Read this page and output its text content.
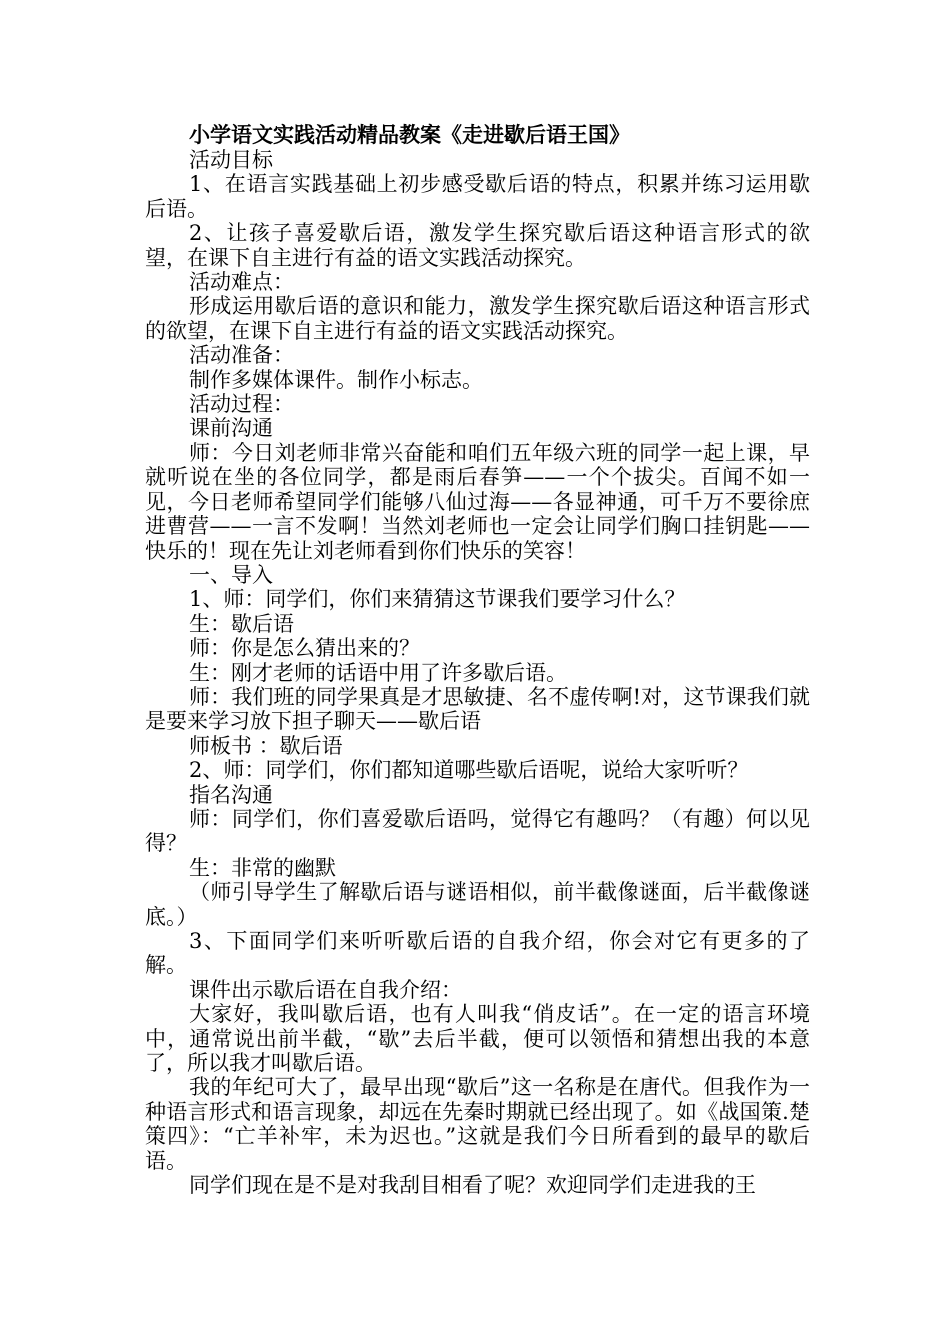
小学语文实践活动精品教案《走进歇后语王国》

活动目标

1、在语言实践基础上初步感受歇后语的特点，积累并练习运用歇后语。

2、让孩子喜爱歇后语，激发学生探究歇后语这种语言形式的欲望，在课下自主进行有益的语文实践活动探究。

活动难点：

形成运用歇后语的意识和能力，激发学生探究歇后语这种语言形式的欲望，在课下自主进行有益的语文实践活动探究。

活动准备：

制作多媒体课件。制作小标志。

活动过程：

课前沟通

师：今日刘老师非常兴奋能和咱们五年级六班的同学一起上课，早就听说在坐的各位同学，都是雨后春笋——一个个拔尖。百闻不如一见，今日老师希望同学们能够八仙过海——各显神通，可千万不要徐庶进曹营——一言不发啊！当然刘老师也一定会让同学们胸口挂钥匙——快乐的！现在先让刘老师看到你们快乐的笑容！

一、导入

1、师：同学们，你们来猜猜这节课我们要学习什么？

生：歇后语

师：你是怎么猜出来的？

生：刚才老师的话语中用了许多歇后语。

师：我们班的同学果真是才思敏捷、名不虚传啊!对，这节课我们就是要来学习放下担子聊天——歇后语

师板书 ：歇后语

2、师：同学们，你们都知道哪些歇后语呢，说给大家听听？

指名沟通

师：同学们，你们喜爱歇后语吗，觉得它有趣吗？（有趣）何以见得？

生：非常的幽默

（师引导学生了解歇后语与谜语相似，前半截像谜面，后半截像谜底。）

3、下面同学们来听听歇后语的自我介绍，你会对它有更多的了解。

课件出示歇后语在自我介绍：

大家好，我叫歇后语，也有人叫我“俏皮话”。在一定的语言环境中，通常说出前半截，“歇”去后半截，便可以领悟和猜想出我的本意了，所以我才叫歇后语。

我的年纪可大了，最早出现“歇后”这一名称是在唐代。但我作为一种语言形式和语言现象，却远在先秦时期就已经出现了。如《战国策.楚策四》：“亡羊补牢，未为迟也。”这就是我们今日所看到的最早的歇后语。

同学们现在是不是对我刮目相看了呢？欢迎同学们走进我的王
